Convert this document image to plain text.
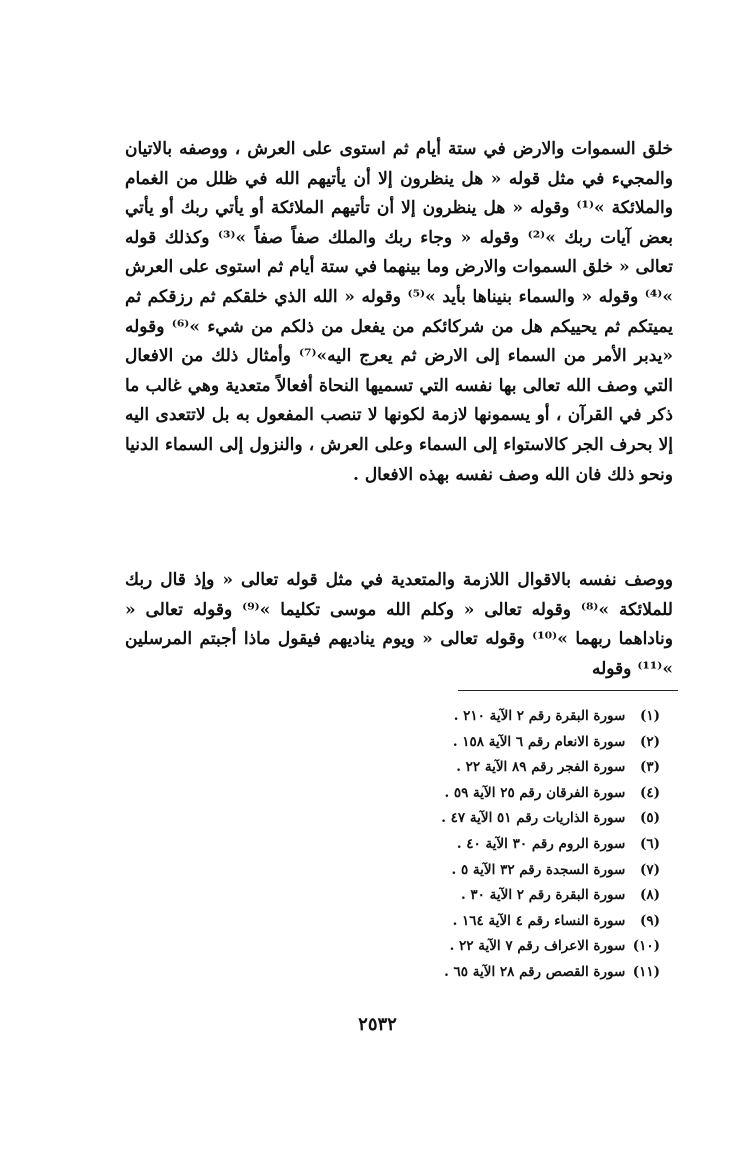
خلق السموات والارض في ستة أيام ثم استوى على العرش ، ووصفه بالاتيان والمجيء في مثل قوله « هل ينظرون إلا أن يأتيهم الله في ظلل من الغمام والملائكة »⁽¹⁾ وقوله « هل ينظرون إلا أن تأتيهم الملائكة أو يأتي ربك أو يأتي بعض آيات ربك »⁽²⁾ وقوله « وجاء ربك والملك صفاً صفاً »⁽³⁾ وكذلك قوله تعالى « خلق السموات والارض وما بينهما في ستة أيام ثم استوى على العرش »⁽⁴⁾ وقوله « والسماء بنيناها بأيد »⁽⁵⁾ وقوله « الله الذي خلقكم ثم رزقكم ثم يميتكم ثم يحييكم هل من شركائكم من يفعل من ذلكم من شيء »⁽⁶⁾ وقوله «يدبر الأمر من السماء إلى الارض ثم يعرج اليه»⁽⁷⁾ وأمثال ذلك من الافعال التي وصف الله تعالى بها نفسه التي تسميها النحاة أفعالاً متعدية وهي غالب ما ذكر في القرآن ، أو يسمونها لازمة لكونها لا تنصب المفعول به بل لاتتعدى اليه إلا بحرف الجر كالاستواء إلى السماء وعلى العرش ، والنزول إلى السماء الدنيا ونحو ذلك فان الله وصف نفسه بهذه الافعال .

ووصف نفسه بالاقوال اللازمة والمتعدية في مثل قوله تعالى « وإذ قال ربك للملائكة »⁽⁸⁾ وقوله تعالى « وكلم الله موسى تكليما »⁽⁹⁾ وقوله تعالى « وناداهما ربهما »⁽¹⁰⁾ وقوله تعالى « ويوم يناديهم فيقول ماذا أجبتم المرسلين »⁽¹¹⁾ وقوله

(١) سورة البقرة رقم ٢ الآية ٢١٠ .
(٢) سورة الانعام رقم ٦ الآية ١٥٨ .
(٣) سورة الفجر رقم ٨٩ الآية ٢٢ .
(٤) سورة الفرقان رقم ٢٥ الآية ٥٩ .
(٥) سورة الذاريات رقم ٥١ الآية ٤٧ .
(٦) سورة الروم رقم ٣٠ الآية ٤٠ .
(٧) سورة السجدة رقم ٣٢ الآية ٥ .
(٨) سورة البقرة رقم ٢ الآية ٣٠ .
(٩) سورة النساء رقم ٤ الآية ١٦٤ .
(١٠) سورة الاعراف رقم ٧ الآية ٢٢ .
(١١) سورة القصص رقم ٢٨ الآية ٦٥ .
٢٥٣٢
